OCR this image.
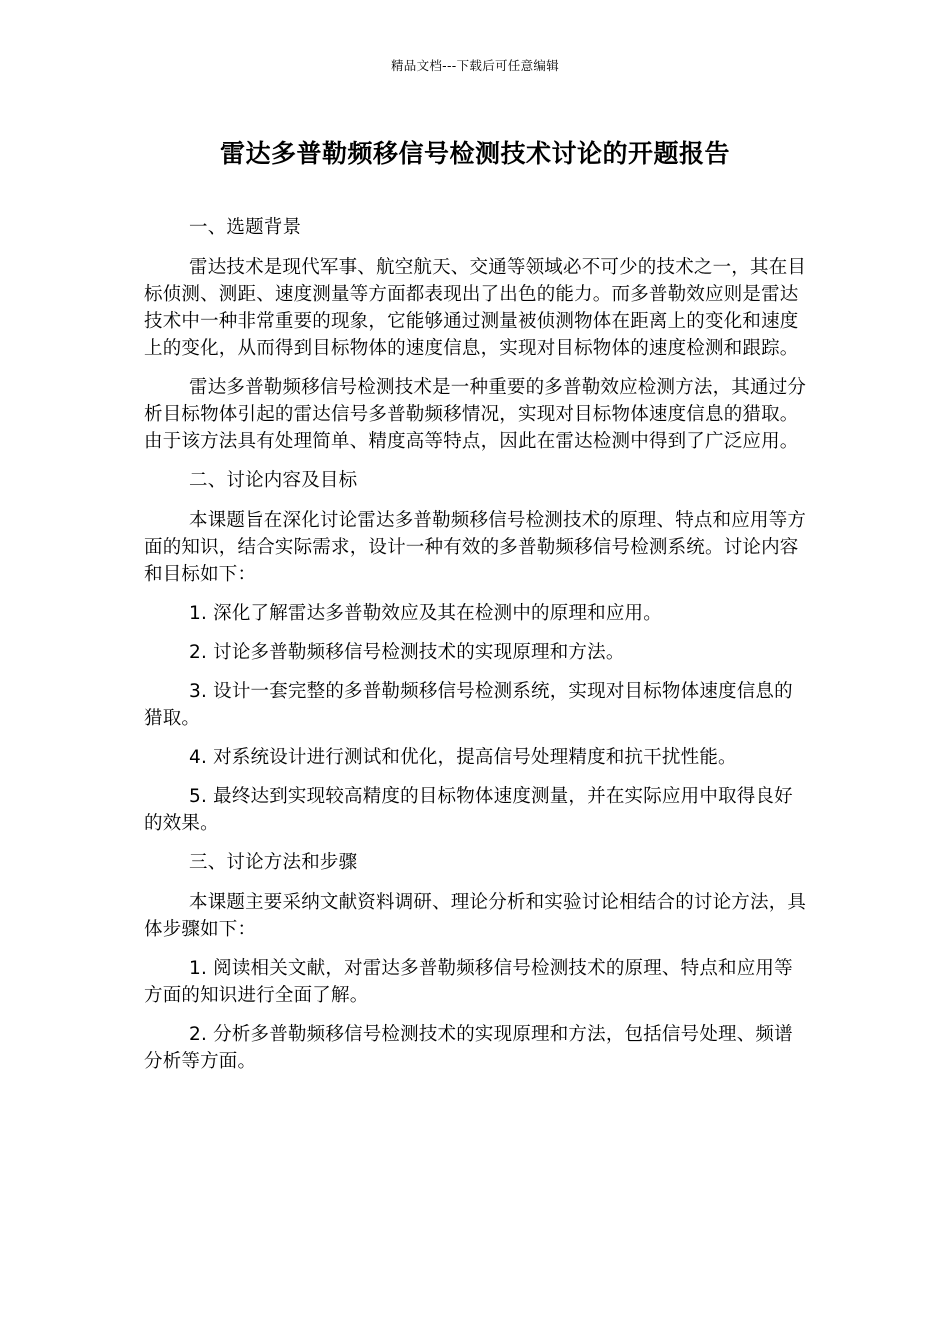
精品文档---下载后可任意编辑
雷达多普勒频移信号检测技术讨论的开题报告

一、选题背景

雷达技术是现代军事、航空航天、交通等领域必不可少的技术之一，其在目标侦测、测距、速度测量等方面都表现出了出色的能力。而多普勒效应则是雷达技术中一种非常重要的现象，它能够通过测量被侦测物体在距离上的变化和速度上的变化，从而得到目标物体的速度信息，实现对目标物体的速度检测和跟踪。

雷达多普勒频移信号检测技术是一种重要的多普勒效应检测方法，其通过分析目标物体引起的雷达信号多普勒频移情况，实现对目标物体速度信息的猎取。由于该方法具有处理简单、精度高等特点，因此在雷达检测中得到了广泛应用。

二、讨论内容及目标

本课题旨在深化讨论雷达多普勒频移信号检测技术的原理、特点和应用等方面的知识，结合实际需求，设计一种有效的多普勒频移信号检测系统。讨论内容和目标如下：

1. 深化了解雷达多普勒效应及其在检测中的原理和应用。

2. 讨论多普勒频移信号检测技术的实现原理和方法。

3. 设计一套完整的多普勒频移信号检测系统，实现对目标物体速度信息的猎取。

4. 对系统设计进行测试和优化，提高信号处理精度和抗干扰性能。

5. 最终达到实现较高精度的目标物体速度测量，并在实际应用中取得良好的效果。

三、讨论方法和步骤

本课题主要采纳文献资料调研、理论分析和实验讨论相结合的讨论方法，具体步骤如下：

1. 阅读相关文献，对雷达多普勒频移信号检测技术的原理、特点和应用等方面的知识进行全面了解。

2. 分析多普勒频移信号检测技术的实现原理和方法，包括信号处理、频谱分析等方面。
